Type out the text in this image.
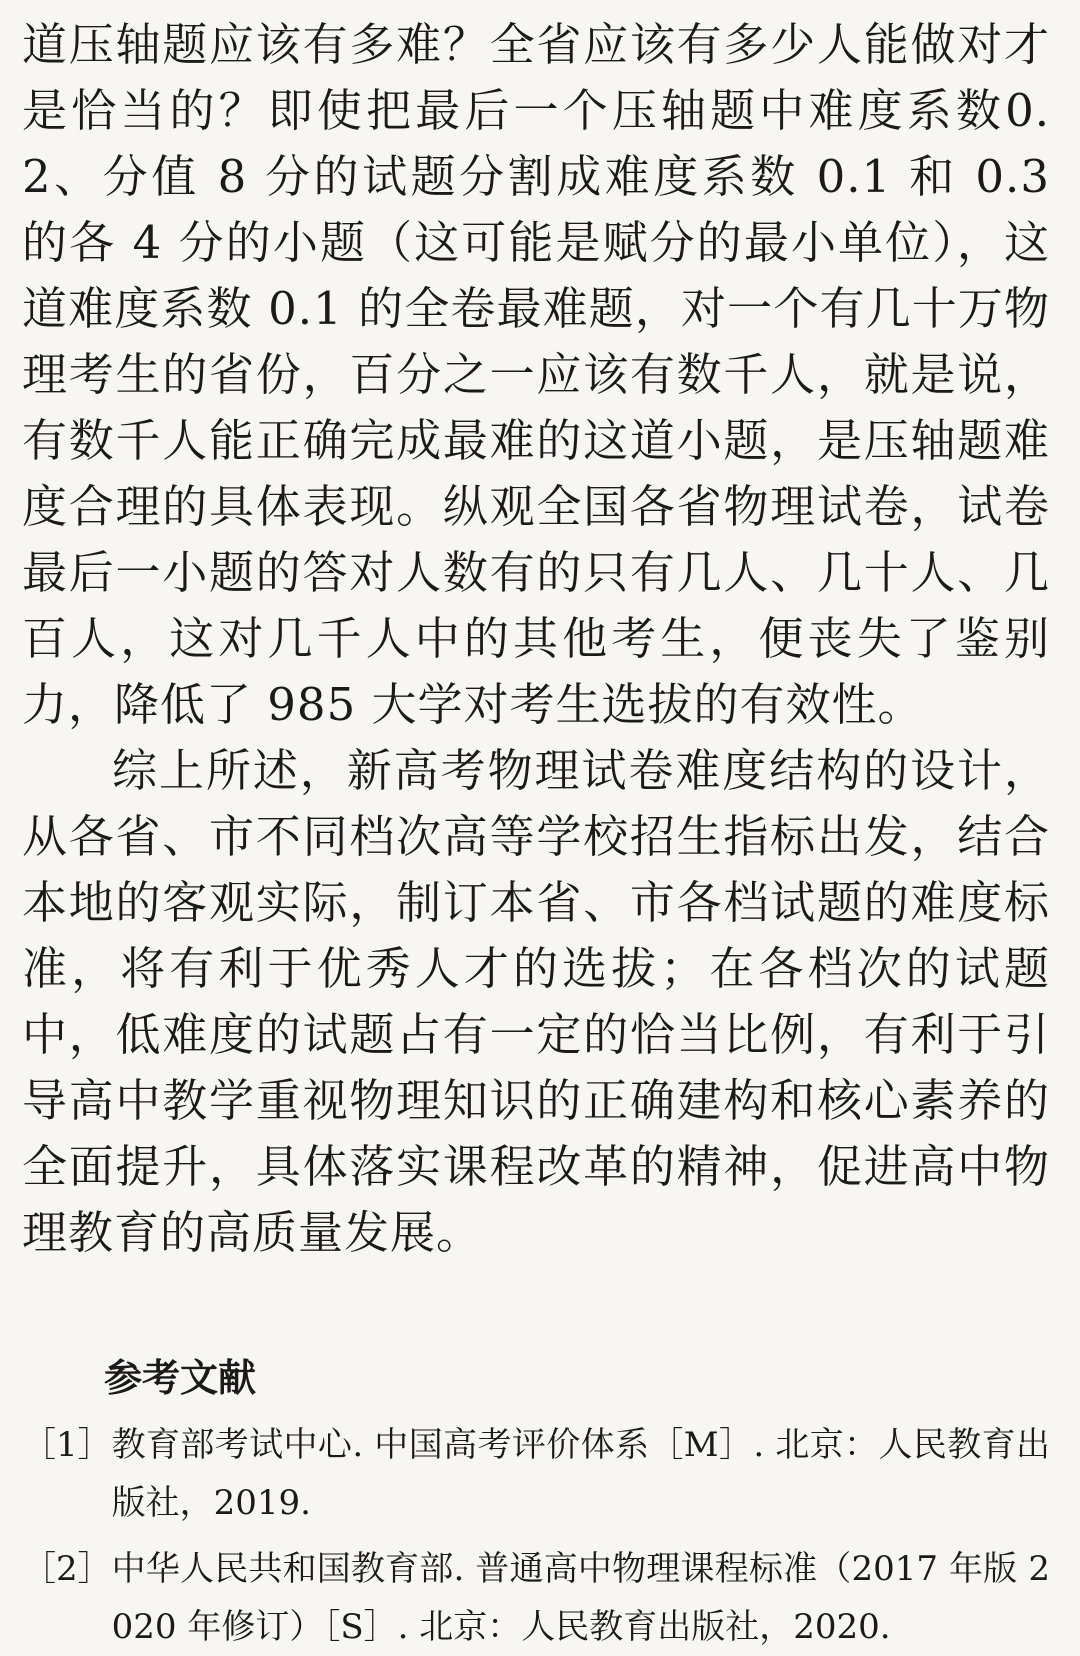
道压轴题应该有多难？全省应该有多少人能做对才是恰当的？即使把最后一个压轴题中难度系数0.2、分值 8 分的试题分割成难度系数 0.1 和 0.3 的各 4 分的小题（这可能是赋分的最小单位），这道难度系数 0.1 的全卷最难题，对一个有几十万物理考生的省份，百分之一应该有数千人，就是说，有数千人能正确完成最难的这道小题，是压轴题难度合理的具体表现。纵观全国各省物理试卷，试卷最后一小题的答对人数有的只有几人、几十人、几百人，这对几千人中的其他考生，便丧失了鉴别力，降低了 985 大学对考生选拔的有效性。

综上所述，新高考物理试卷难度结构的设计，从各省、市不同档次高等学校招生指标出发，结合本地的客观实际，制订本省、市各档试题的难度标准，将有利于优秀人才的选拔；在各档次的试题中，低难度的试题占有一定的恰当比例，有利于引导高中教学重视物理知识的正确建构和核心素养的全面提升，具体落实课程改革的精神，促进高中物理教育的高质量发展。

参考文献
［1］ 教育部考试中心. 中国高考评价体系［M］. 北京：人民教育出版社，2019.
［2］ 中华人民共和国教育部. 普通高中物理课程标准（2017 年版 2020 年修订）［S］. 北京：人民教育出版社，2020.
